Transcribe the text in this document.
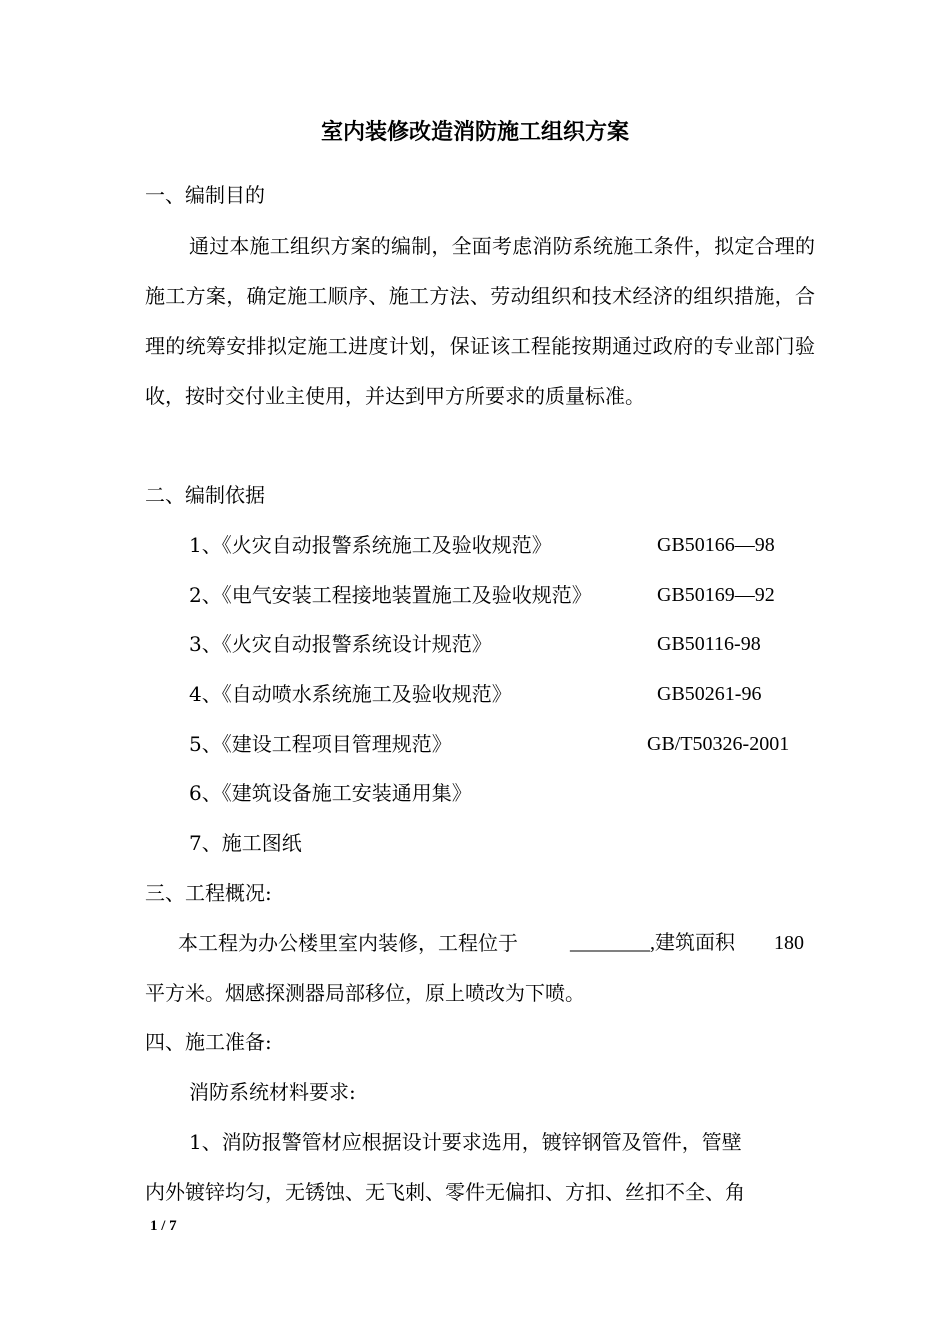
室内装修改造消防施工组织方案
一、编制目的

通过本施工组织方案的编制，全面考虑消防系统施工条件，拟定合理的施工方案，确定施工顺序、施工方法、劳动组织和技术经济的组织措施，合理的统筹安排拟定施工进度计划，保证该工程能按期通过政府的专业部门验收，按时交付业主使用，并达到甲方所要求的质量标准。

二、编制依据
1、《火灾自动报警系统施工及验收规范》	GB50166—98
2、《电气安装工程接地装置施工及验收规范》	GB50169—92
3、《火灾自动报警系统设计规范》	GB50116-98
4、《自动喷水系统施工及验收规范》	GB50261-96
5、《建设工程项目管理规范》	GB/T50326-2001
6、《建筑设备施工安装通用集》
7、施工图纸
三、工程概况:
本工程为办公楼里室内装修，工程位于	________,建筑面积 180
平方米。烟感探测器局部移位，原上喷改为下喷。
四、施工准备:
消防系统材料要求:
1、消防报警管材应根据设计要求选用，镀锌钢管及管件，管壁
内外镀锌均匀，无锈蚀、无飞刺、零件无偏扣、方扣、丝扣不全、角
1 / 7
